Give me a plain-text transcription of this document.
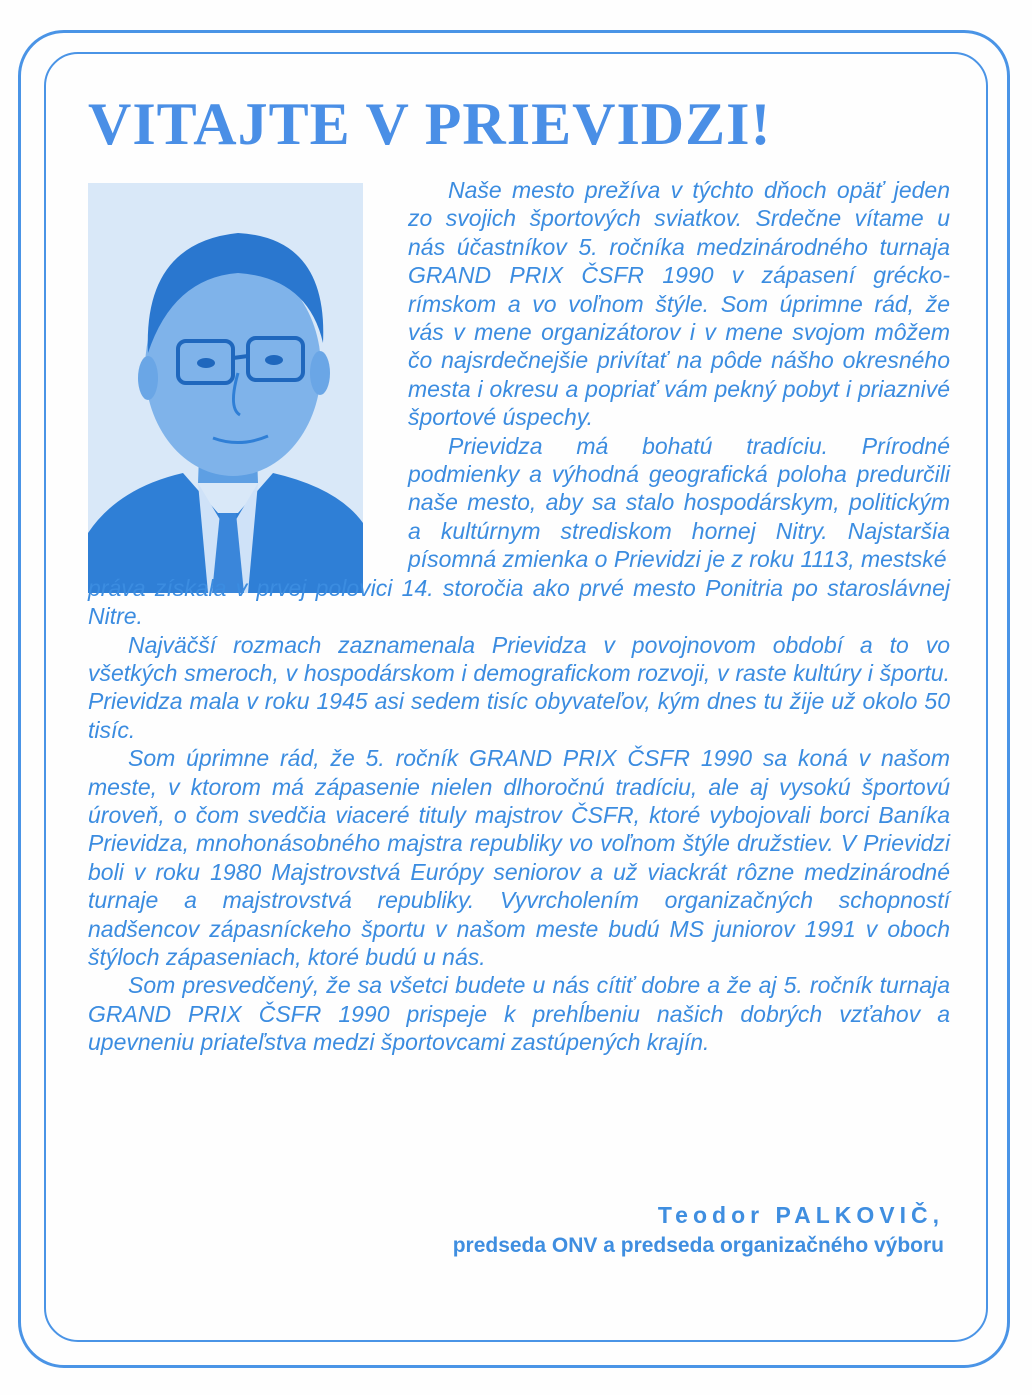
VITAJTE V PRIEVIDZI!

Naše mesto prežíva v týchto dňoch opäť jeden zo svojich športových sviatkov. Srdečne vítame u nás účastníkov 5. ročníka medzinárodného turnaja GRAND PRIX ČSFR 1990 v zápasení grécko-rímskom a vo voľnom štýle. Som úprimne rád, že vás v mene organizátorov i v mene svojom môžem čo najsrdečnejšie privítať na pôde nášho okresného mesta i okresu a popriať vám pekný pobyt i priaznivé športové úspechy.

Prievidza má bohatú tradíciu. Prírodné podmienky a výhodná geografická poloha predurčili naše mesto, aby sa stalo hospodárskym, politickým a kultúrnym strediskom hornej Nitry. Najstaršia písomná zmienka o Prievidzi je z roku 1113, mestské

práva získala v prvej polovici 14. storočia ako prvé mesto Ponitria po staroslávnej Nitre.

Najväčší rozmach zaznamenala Prievidza v povojnovom období a to vo všetkých smeroch, v hospodárskom i demografickom rozvoji, v raste kultúry i športu. Prievidza mala v roku 1945 asi sedem tisíc obyvateľov, kým dnes tu žije už okolo 50 tisíc.

Som úprimne rád, že 5. ročník GRAND PRIX ČSFR 1990 sa koná v našom meste, v ktorom má zápasenie nielen dlhoročnú tradíciu, ale aj vysokú športovú úroveň, o čom svedčia viaceré tituly majstrov ČSFR, ktoré vybojovali borci Baníka Prievidza, mnohonásobného majstra republiky vo voľnom štýle družstiev. V Prievidzi boli v roku 1980 Majstrovstvá Európy seniorov a už viackrát rôzne medzinárodné turnaje a majstrovstvá republiky. Vyvrcholením organizačných schopností nadšencov zápasníckeho športu v našom meste budú MS juniorov 1991 v oboch štýloch zápaseniach, ktoré budú u nás.

Som presvedčený, že sa všetci budete u nás cítiť dobre a že aj 5. ročník turnaja GRAND PRIX ČSFR 1990 prispeje k prehĺbeniu našich dobrých vzťahov a upevneniu priateľstva medzi športovcami zastúpených krajín.

Teodor PALKOVIČ,
predseda ONV a predseda organizačného výboru
